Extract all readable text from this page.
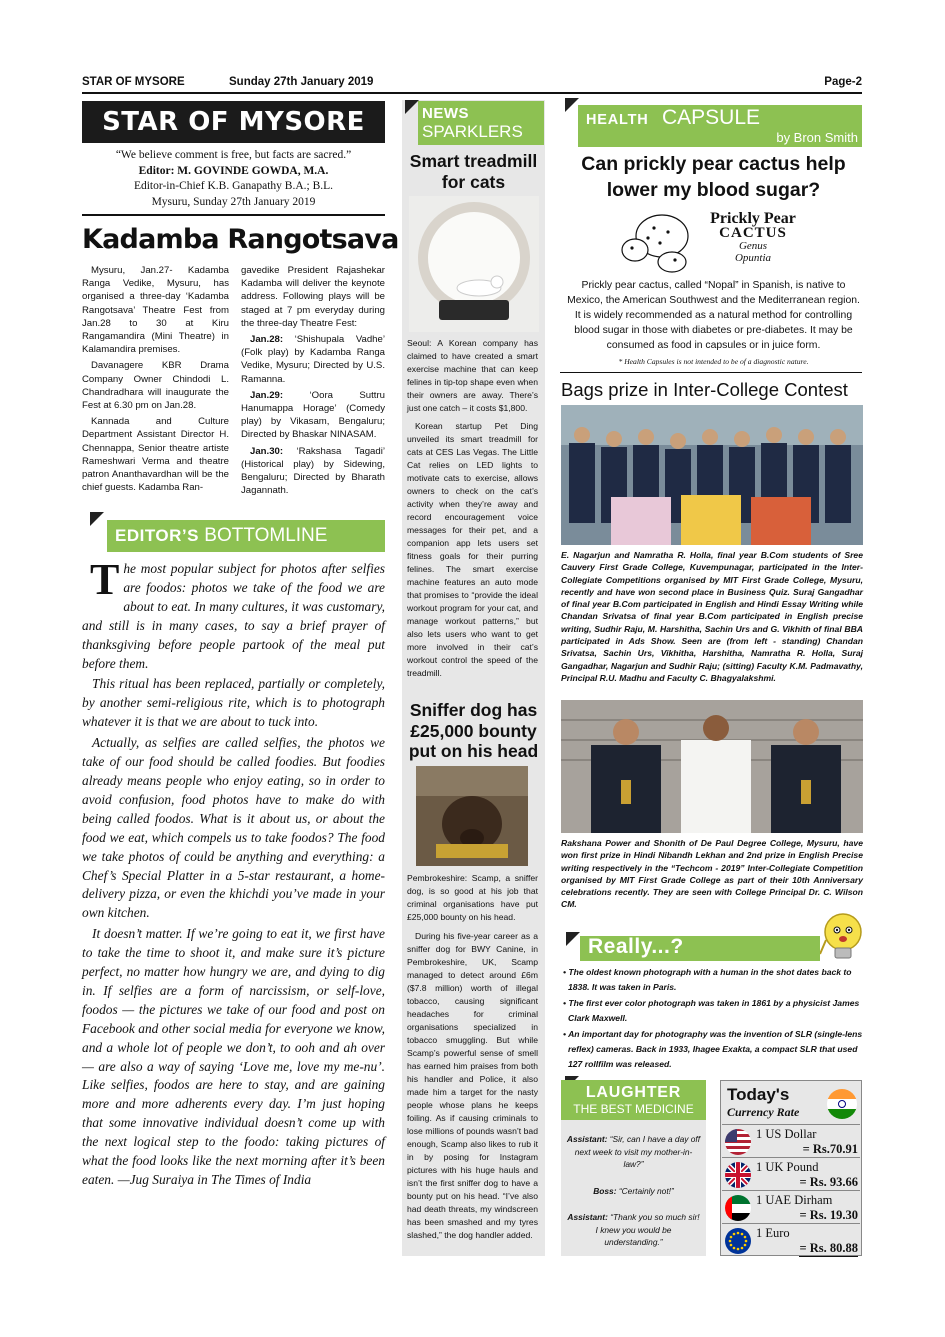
STAR OF MYSORE	Sunday 27th January 2019	Page-2
STAR OF MYSORE
“We believe comment is free, but facts are sacred.”
Editor: M. GOVINDE GOWDA, M.A.
Editor-in-Chief K.B. Ganapathy B.A.; B.L.
Mysuru, Sunday 27th January 2019
Kadamba Rangotsava

Mysuru, Jan.27- Kadamba Ranga Vedike, Mysuru, has organised a three-day ‘Kadamba Rangotsava’ Theatre Fest from Jan.28 to 30 at Kiru Rangamandira (Mini Theatre) in Kalamandira premises.

Davanagere KBR Drama Company Owner Chindodi L. Chandradhara will inaugurate the Fest at 6.30 pm on Jan.28.

Kannada and Culture Department Assistant Director H. Chennappa, Senior theatre artiste Rameshwari Verma and theatre patron Ananthavardhan will be the chief guests. Kadamba Ran-

gavedike President Rajashekar Kadamba will deliver the keynote address. Following plays will be staged at 7 pm everyday during the three-day Theatre Fest:

Jan.28: ‘Shishupala Vadhe’ (Folk play) by Kadamba Ranga Vedike, Mysuru; Directed by U.S. Ramanna.

Jan.29: ‘Oora Suttru Hanumappa Horage’ (Comedy play) by Vikasam, Bengaluru; Directed by Bhaskar NINASAM.

Jan.30: ‘Rakshasa Tagadi’ (Historical play) by Sidewing, Bengaluru; Directed by Bharath Jagannath.

EDITOR’S BOTTOMLINE

The most popular subject for photos after selfies are foodos: photos we take of the food we are about to eat. In many cultures, it was customary, and still is in many cases, to say a brief prayer of thanksgiving before people partook of the meal put before them.

This ritual has been replaced, partially or completely, by another semi-religious rite, which is to photograph whatever it is that we are about to tuck into.

Actually, as selfies are called selfies, the photos we take of our food should be called foodies. But foodies already means people who enjoy eating, so in order to avoid confusion, food photos have to make do with being called foodos. What is it about us, or about the food we eat, which compels us to take foodos? The food we take photos of could be anything and everything: a Chef’s Special Platter in a 5-star restaurant, a home-delivery pizza, or even the khichdi you’ve made in your own kitchen.

It doesn’t matter. If we’re going to eat it, we first have to take the time to shoot it, and make sure it’s picture perfect, no matter how hungry we are, and dying to dig in. If selfies are a form of narcissism, or self-love, foodos — the pictures we take of our food and post on Facebook and other social media for everyone we know, and a whole lot of people we don’t, to ooh and ah over — are also a way of saying ‘Love me, love my me-nu’. Like selfies, foodos are here to stay, and are gaining more and more adherents every day. I’m just hoping that some innovative individual doesn’t come up with the next logical step to the foodo: taking pictures of what the food looks like the next morning after it’s been eaten. —Jug Suraiya in The Times of India

NEWS
SPARKLERS
Smart treadmill for cats

Seoul: A Korean company has claimed to have created a smart exercise machine that can keep felines in tip-top shape even when their owners are away. There’s just one catch – it costs $1,800.

Korean startup Pet Ding unveiled its smart treadmill for cats at CES Las Vegas. The Little Cat relies on LED lights to motivate cats to exercise, allows owners to check on the cat’s activity when they’re away and record encouragement voice messages for their pet, and a companion app lets users set fitness goals for their purring felines. The smart exercise machine features an auto mode that promises to “provide the ideal workout program for your cat, and manage workout patterns,” but also lets users who want to get more involved in their cat’s workout control the speed of the treadmill.

Sniffer dog has £25,000 bounty put on his head

Pembrokeshire: Scamp, a sniffer dog, is so good at his job that criminal organisations have put £25,000 bounty on his head.

During his five-year career as a sniffer dog for BWY Canine, in Pembrokeshire, UK, Scamp managed to detect around £6m ($7.8 million) worth of illegal tobacco, causing significant headaches for criminal organisations specialized in tobacco smuggling. But while Scamp’s powerful sense of smell has earned him praises from both his handler and Police, it also made him a target for the nasty people whose plans he keeps foiling. As if causing criminals to lose millions of pounds wasn’t bad enough, Scamp also likes to rub it in by posing for Instagram pictures with his huge hauls and isn’t the first sniffer dog to have a bounty put on his head. “I’ve also had death threats, my windscreen has been smashed and my tyres slashed,” the dog handler added.

HEALTH CAPSULE
by Bron Smith
Can prickly pear cactus help lower my blood sugar?
Prickly Pear
CACTUS
Genus
Opuntia
Prickly pear cactus, called “Nopal” in Spanish, is native to Mexico, the American Southwest and the Mediterranean region. It is widely recommended as a natural method for controlling blood sugar in those with diabetes or pre-diabetes. It may be consumed as food in capsules or in juice form.
* Health Capsules is not intended to be of a diagnostic nature.
Bags prize in Inter-College Contest
E. Nagarjun and Namratha R. Holla, final year B.Com students of Sree Cauvery First Grade College, Kuvempunagar, participated in the Inter-Collegiate Competitions organised by MIT First Grade College, Mysuru, recently and have won second place in Business Quiz. Suraj Gangadhar of final year B.Com participated in English and Hindi Essay Writing while Chandan Srivatsa of final year B.Com participated in English precise writing, Sudhir Raju, M. Harshitha, Sachin Urs and G. Vikhith of final BBA participated in Ads Show. Seen are (from left - standing) Chandan Srivatsa, Sachin Urs, Vikhitha, Harshitha, Namratha R. Holla, Suraj Gangadhar, Nagarjun and Sudhir Raju; (sitting) Faculty K.M. Padmavathy, Principal R.U. Madhu and Faculty C. Bhagyalakshmi.
Rakshana Power and Shonith of De Paul Degree College, Mysuru, have won first prize in Hindi Nibandh Lekhan and 2nd prize in English Precise writing respectively in the “Techcom - 2019” Inter-Collegiate Competition organised by MIT First Grade College as part of their 10th Anniversary celebrations recently. They are seen with College Principal Dr. C. Wilson CM.
Really...?
• The oldest known photograph with a human in the shot dates back to 1838. It was taken in Paris.
• The first ever color photograph was taken in 1861 by a physicist James Clark Maxwell.
• An important day for photography was the invention of SLR (single-lens reflex) cameras. Back in 1933, Ihagee Exakta, a compact SLR that used 127 rollfilm was released.
LAUGHTER
THE BEST MEDICINE

Assistant: “Sir, can I have a day off next week to visit my mother-in-law?”

Boss: “Certainly not!”

Assistant: “Thank you so much sir! I knew you would be understanding.”

Today's
Currency Rate
1 US Dollar
= Rs.70.91
1 UK Pound
= Rs. 93.66
1 UAE Dirham
= Rs. 19.30
1 Euro
= Rs. 80.88
